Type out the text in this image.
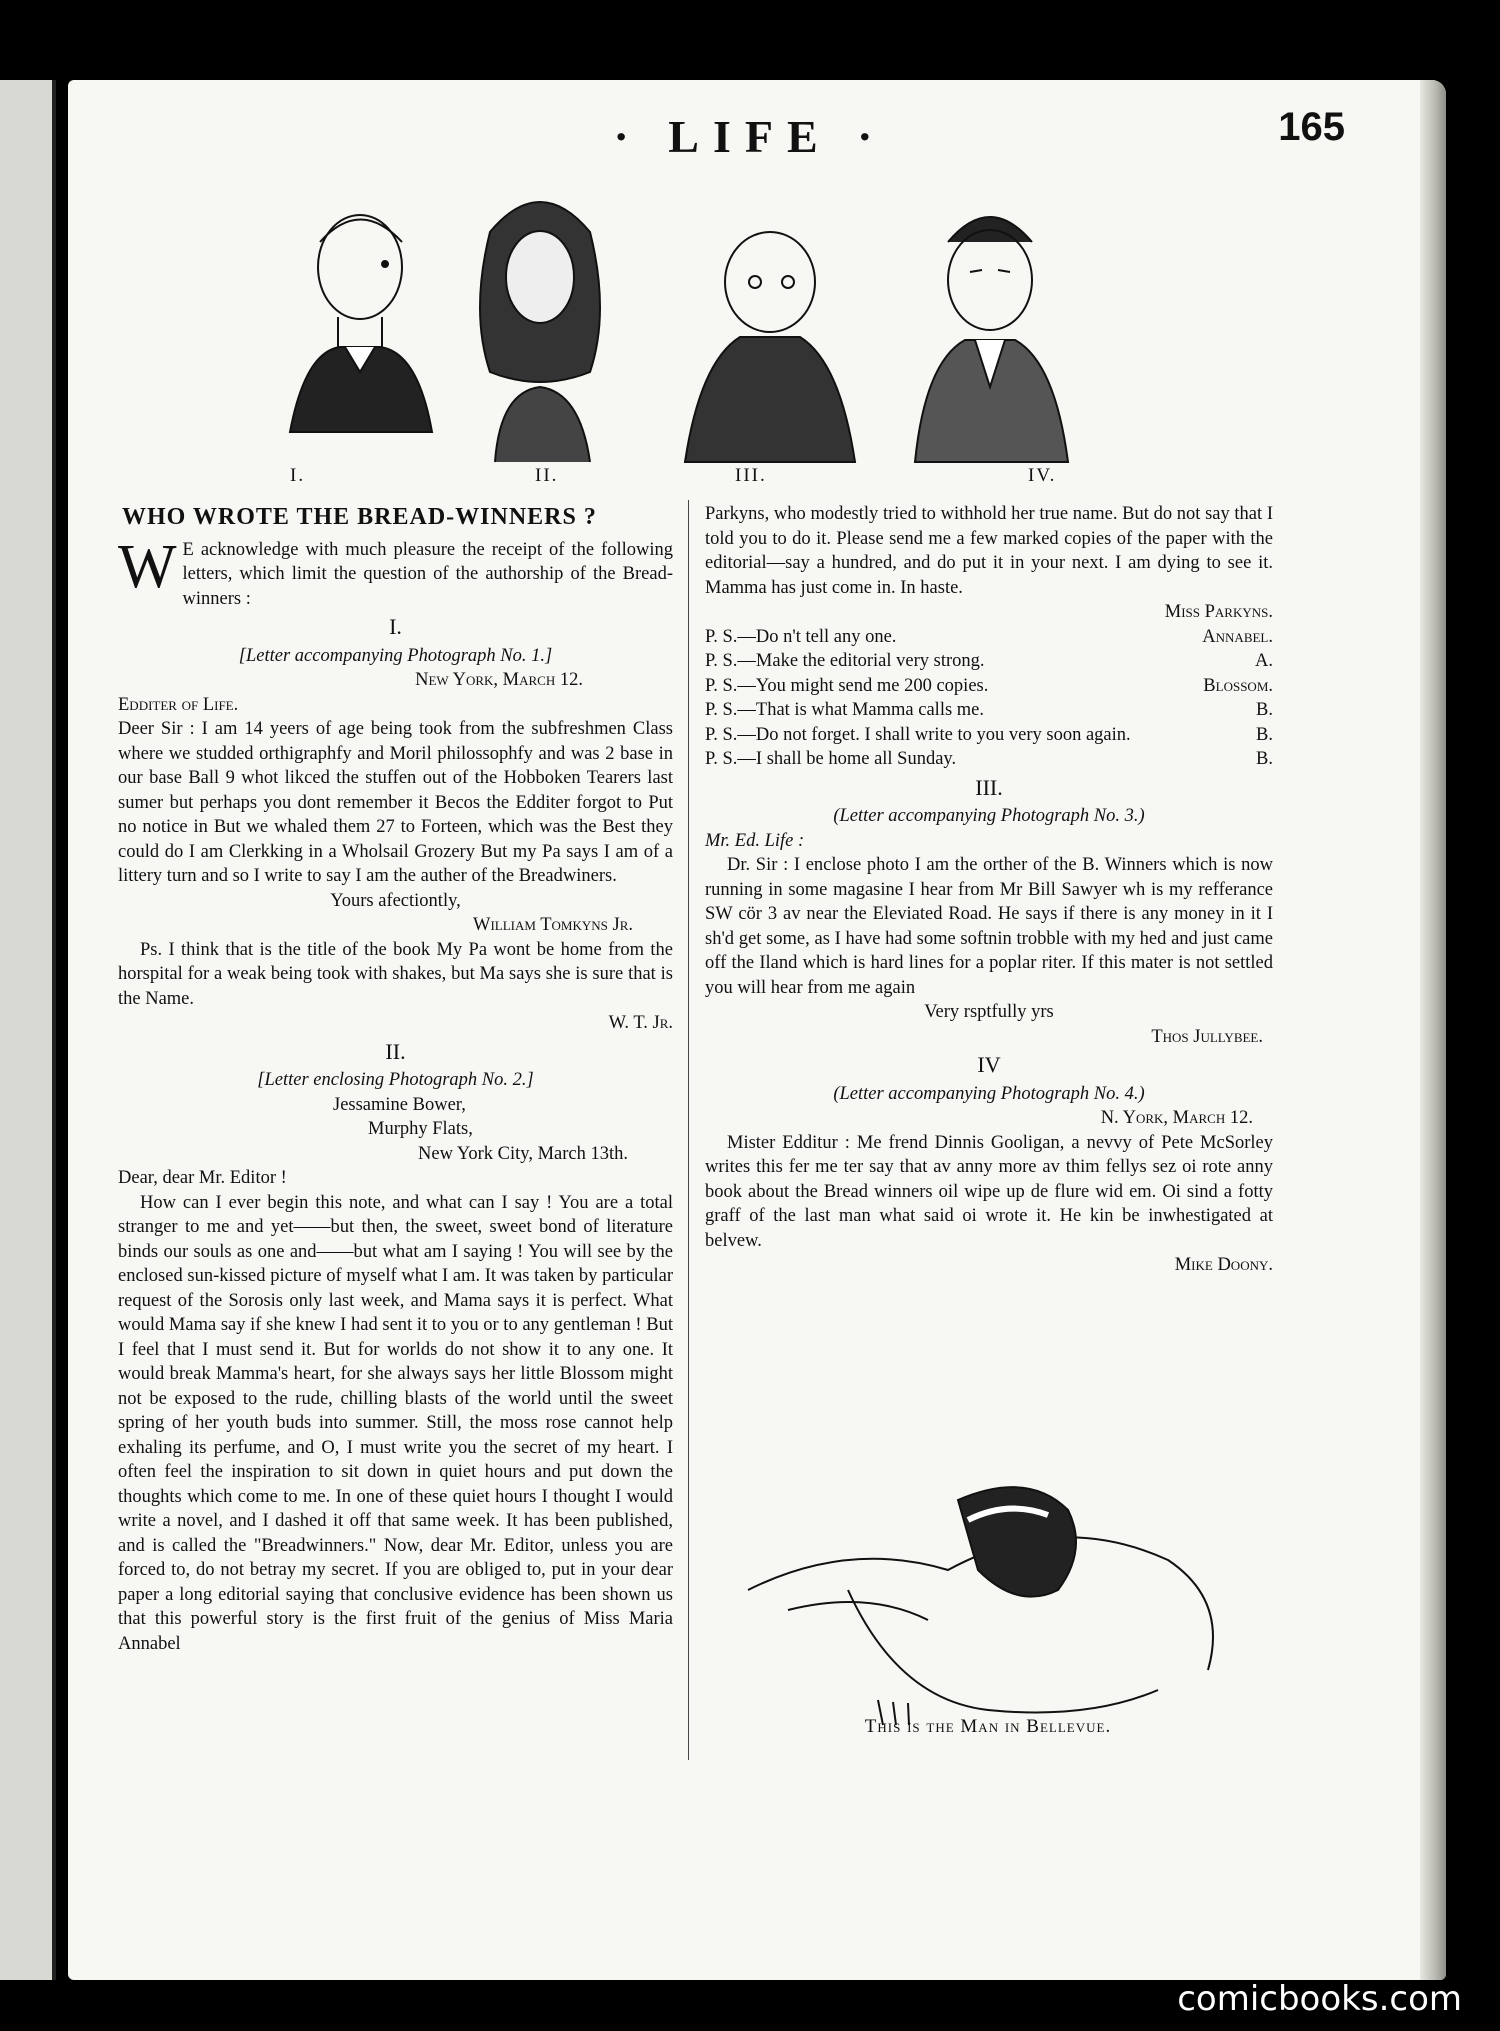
· LIFE ·	165
I.	II.	III.	IV.
WHO WROTE THE BREAD-WINNERS ?

W E acknowledge with much pleasure the receipt of the following letters, which limit the question of the authorship of the Bread-winners :

I.

[Letter accompanying Photograph No. 1.]

New York, March 12.

Edditer of Life.

Deer Sir : I am 14 yeers of age being took from the subfreshmen Class where we studded orthigraphfy and Moril philossophfy and was 2 base in our base Ball 9 whot likced the stuffen out of the Hobboken Tearers last sumer but perhaps you dont remember it Becos the Edditer forgot to Put no notice in But we whaled them 27 to Forteen, which was the Best they could do I am Clerkking in a Wholsail Grozery But my Pa says I am of a littery turn and so I write to say I am the auther of the Breadwiners.

Yours afectiontly,

William Tomkyns Jr.

Ps. I think that is the title of the book My Pa wont be home from the horspital for a weak being took with shakes, but Ma says she is sure that is the Name.

W. T. Jr.

II.

[Letter enclosing Photograph No. 2.]

Jessamine Bower,

Murphy Flats,

New York City, March 13th.

Dear, dear Mr. Editor !

How can I ever begin this note, and what can I say ! You are a total stranger to me and yet——but then, the sweet, sweet bond of literature binds our souls as one and——but what am I saying ! You will see by the enclosed sun-kissed picture of myself what I am. It was taken by particular request of the Sorosis only last week, and Mama says it is perfect. What would Mama say if she knew I had sent it to you or to any gentleman ! But I feel that I must send it. But for worlds do not show it to any one. It would break Mamma's heart, for she always says her little Blossom might not be exposed to the rude, chilling blasts of the world until the sweet spring of her youth buds into summer. Still, the moss rose cannot help exhaling its perfume, and O, I must write you the secret of my heart. I often feel the inspiration to sit down in quiet hours and put down the thoughts which come to me. In one of these quiet hours I thought I would write a novel, and I dashed it off that same week. It has been published, and is called the "Breadwinners." Now, dear Mr. Editor, unless you are forced to, do not betray my secret. If you are obliged to, put in your dear paper a long editorial saying that conclusive evidence has been shown us that this powerful story is the first fruit of the genius of Miss Maria Annabel

Parkyns, who modestly tried to withhold her true name. But do not say that I told you to do it. Please send me a few marked copies of the paper with the editorial—say a hundred, and do put it in your next. I am dying to see it. Mamma has just come in. In haste.

Miss Parkyns.

P. S.—Do n't tell any one.	Annabel.
P. S.—Make the editorial very strong.	A.
P. S.—You might send me 200 copies.	Blossom.
P. S.—That is what Mamma calls me.	B.
P. S.—Do not forget. I shall write to you very soon again.	B.
P. S.—I shall be home all Sunday.	B.

III.

(Letter accompanying Photograph No. 3.)

Mr. Ed. Life :

Dr. Sir : I enclose photo I am the orther of the B. Winners which is now running in some magasine I hear from Mr Bill Sawyer wh is my refferance SW cör 3 av near the Eleviated Road. He says if there is any money in it I sh'd get some, as I have had some softnin trobble with my hed and just came off the Iland which is hard lines for a poplar riter. If this mater is not settled you will hear from me again

Very rsptfully yrs

Thos Jullybee.

IV

(Letter accompanying Photograph No. 4.)

N. York, March 12.

Mister Edditur : Me frend Dinnis Gooligan, a nevvy of Pete McSorley writes this fer me ter say that av anny more av thim fellys sez oi rote anny book about the Bread winners oil wipe up de flure wid em. Oi sind a fotty graff of the last man what said oi wrote it. He kin be inwhestigated at belvew.

Mike Doony.

This is the Man in Bellevue.
comicbooks.com
